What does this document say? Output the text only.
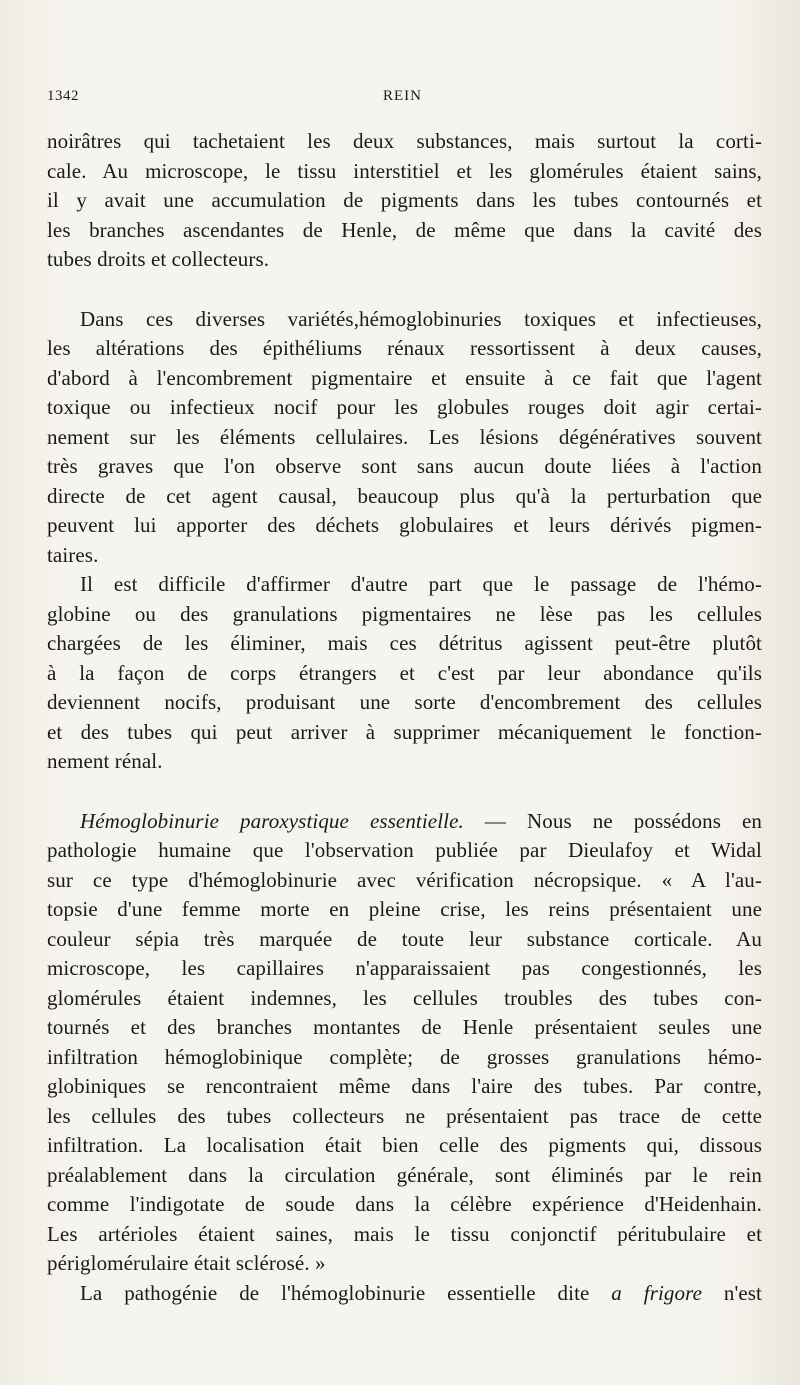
1342	REIN
noirâtres qui tachetaient les deux substances, mais surtout la corti-
cale. Au microscope, le tissu interstitiel et les glomérules étaient sains,
il y avait une accumulation de pigments dans les tubes contournés et
les branches ascendantes de Henle, de même que dans la cavité des
tubes droits et collecteurs.
Dans ces diverses variétés,hémoglobinuries toxiques et infectieuses,
les altérations des épithéliums rénaux ressortissent à deux causes,
d'abord à l'encombrement pigmentaire et ensuite à ce fait que l'agent
toxique ou infectieux nocif pour les globules rouges doit agir certai-
nement sur les éléments cellulaires. Les lésions dégénératives souvent
très graves que l'on observe sont sans aucun doute liées à l'action
directe de cet agent causal, beaucoup plus qu'à la perturbation que
peuvent lui apporter des déchets globulaires et leurs dérivés pigmen-
taires.
Il est difficile d'affirmer d'autre part que le passage de l'hémo-
globine ou des granulations pigmentaires ne lèse pas les cellules
chargées de les éliminer, mais ces détritus agissent peut-être plutôt
à la façon de corps étrangers et c'est par leur abondance qu'ils
deviennent nocifs, produisant une sorte d'encombrement des cellules
et des tubes qui peut arriver à supprimer mécaniquement le fonction-
nement rénal.
Hémoglobinurie paroxystique essentielle. — Nous ne possédons en
pathologie humaine que l'observation publiée par Dieulafoy et Widal
sur ce type d'hémoglobinurie avec vérification nécropsique. « A l'au-
topsie d'une femme morte en pleine crise, les reins présentaient une
couleur sépia très marquée de toute leur substance corticale. Au
microscope, les capillaires n'apparaissaient pas congestionnés, les
glomérules étaient indemnes, les cellules troubles des tubes con-
tournés et des branches montantes de Henle présentaient seules une
infiltration hémoglobinique complète; de grosses granulations hémo-
globiniques se rencontraient même dans l'aire des tubes. Par contre,
les cellules des tubes collecteurs ne présentaient pas trace de cette
infiltration. La localisation était bien celle des pigments qui, dissous
préalablement dans la circulation générale, sont éliminés par le rein
comme l'indigotate de soude dans la célèbre expérience d'Heidenhain.
Les artérioles étaient saines, mais le tissu conjonctif péritubulaire et
périglomérulaire était sclérosé. »
La pathogénie de l'hémoglobinurie essentielle dite a frigore n'est
